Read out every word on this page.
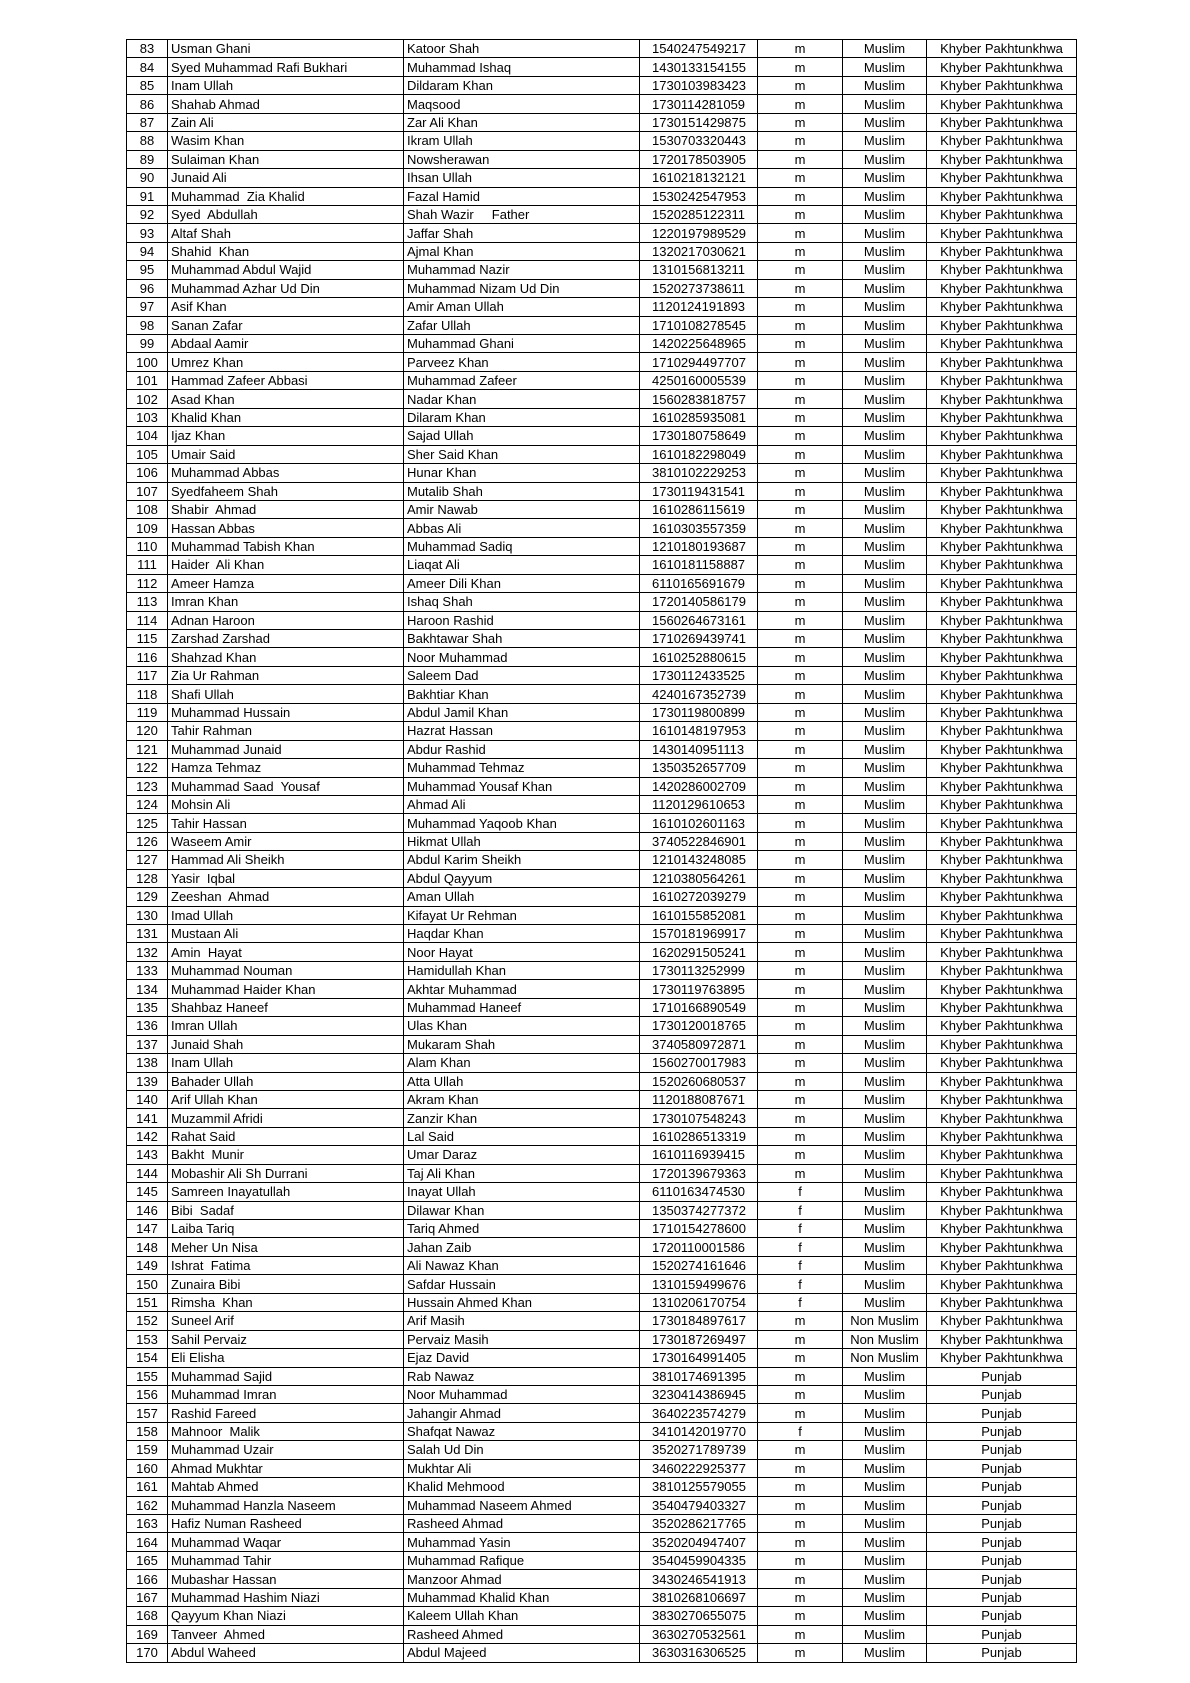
83	Usman Ghani	Katoor Shah	1540247549217	m	Muslim	Khyber Pakhtunkhwa
84	Syed Muhammad Rafi Bukhari	Muhammad Ishaq	1430133154155	m	Muslim	Khyber Pakhtunkhwa
85	Inam Ullah	Dildaram Khan	1730103983423	m	Muslim	Khyber Pakhtunkhwa
86	Shahab Ahmad	Maqsood	1730114281059	m	Muslim	Khyber Pakhtunkhwa
87	Zain Ali	Zar Ali Khan	1730151429875	m	Muslim	Khyber Pakhtunkhwa
88	Wasim Khan	Ikram Ullah	1530703320443	m	Muslim	Khyber Pakhtunkhwa
89	Sulaiman Khan	Nowsherawan	1720178503905	m	Muslim	Khyber Pakhtunkhwa
90	Junaid Ali	Ihsan Ullah	1610218132121	m	Muslim	Khyber Pakhtunkhwa
91	Muhammad  Zia Khalid	Fazal Hamid	1530242547953	m	Muslim	Khyber Pakhtunkhwa
92	Syed  Abdullah	Shah Wazir     Father	1520285122311	m	Muslim	Khyber Pakhtunkhwa
93	Altaf Shah	Jaffar Shah	1220197989529	m	Muslim	Khyber Pakhtunkhwa
94	Shahid  Khan	Ajmal Khan	1320217030621	m	Muslim	Khyber Pakhtunkhwa
95	Muhammad Abdul Wajid	Muhammad Nazir	1310156813211	m	Muslim	Khyber Pakhtunkhwa
96	Muhammad Azhar Ud Din	Muhammad Nizam Ud Din	1520273738611	m	Muslim	Khyber Pakhtunkhwa
97	Asif Khan	Amir Aman Ullah	1120124191893	m	Muslim	Khyber Pakhtunkhwa
98	Sanan Zafar	Zafar Ullah	1710108278545	m	Muslim	Khyber Pakhtunkhwa
99	Abdaal Aamir	Muhammad Ghani	1420225648965	m	Muslim	Khyber Pakhtunkhwa
100	Umrez Khan	Parveez Khan	1710294497707	m	Muslim	Khyber Pakhtunkhwa
101	Hammad Zafeer Abbasi	Muhammad Zafeer	4250160005539	m	Muslim	Khyber Pakhtunkhwa
102	Asad Khan	Nadar Khan	1560283818757	m	Muslim	Khyber Pakhtunkhwa
103	Khalid Khan	Dilaram Khan	1610285935081	m	Muslim	Khyber Pakhtunkhwa
104	Ijaz Khan	Sajad Ullah	1730180758649	m	Muslim	Khyber Pakhtunkhwa
105	Umair Said	Sher Said Khan	1610182298049	m	Muslim	Khyber Pakhtunkhwa
106	Muhammad Abbas	Hunar Khan	3810102229253	m	Muslim	Khyber Pakhtunkhwa
107	Syedfaheem Shah	Mutalib Shah	1730119431541	m	Muslim	Khyber Pakhtunkhwa
108	Shabir  Ahmad	Amir Nawab	1610286115619	m	Muslim	Khyber Pakhtunkhwa
109	Hassan Abbas	Abbas Ali	1610303557359	m	Muslim	Khyber Pakhtunkhwa
110	Muhammad Tabish Khan	Muhammad Sadiq	1210180193687	m	Muslim	Khyber Pakhtunkhwa
111	Haider  Ali Khan	Liaqat Ali	1610181158887	m	Muslim	Khyber Pakhtunkhwa
112	Ameer Hamza	Ameer Dili Khan	6110165691679	m	Muslim	Khyber Pakhtunkhwa
113	Imran Khan	Ishaq Shah	1720140586179	m	Muslim	Khyber Pakhtunkhwa
114	Adnan Haroon	Haroon Rashid	1560264673161	m	Muslim	Khyber Pakhtunkhwa
115	Zarshad Zarshad	Bakhtawar Shah	1710269439741	m	Muslim	Khyber Pakhtunkhwa
116	Shahzad Khan	Noor Muhammad	1610252880615	m	Muslim	Khyber Pakhtunkhwa
117	Zia Ur Rahman	Saleem Dad	1730112433525	m	Muslim	Khyber Pakhtunkhwa
118	Shafi Ullah	Bakhtiar Khan	4240167352739	m	Muslim	Khyber Pakhtunkhwa
119	Muhammad Hussain	Abdul Jamil Khan	1730119800899	m	Muslim	Khyber Pakhtunkhwa
120	Tahir Rahman	Hazrat Hassan	1610148197953	m	Muslim	Khyber Pakhtunkhwa
121	Muhammad Junaid	Abdur Rashid	1430140951113	m	Muslim	Khyber Pakhtunkhwa
122	Hamza Tehmaz	Muhammad Tehmaz	1350352657709	m	Muslim	Khyber Pakhtunkhwa
123	Muhammad Saad  Yousaf	Muhammad Yousaf Khan	1420286002709	m	Muslim	Khyber Pakhtunkhwa
124	Mohsin Ali	Ahmad Ali	1120129610653	m	Muslim	Khyber Pakhtunkhwa
125	Tahir Hassan	Muhammad Yaqoob Khan	1610102601163	m	Muslim	Khyber Pakhtunkhwa
126	Waseem Amir	Hikmat Ullah	3740522846901	m	Muslim	Khyber Pakhtunkhwa
127	Hammad Ali Sheikh	Abdul Karim Sheikh	1210143248085	m	Muslim	Khyber Pakhtunkhwa
128	Yasir  Iqbal	Abdul Qayyum	1210380564261	m	Muslim	Khyber Pakhtunkhwa
129	Zeeshan  Ahmad	Aman Ullah	1610272039279	m	Muslim	Khyber Pakhtunkhwa
130	Imad Ullah	Kifayat Ur Rehman	1610155852081	m	Muslim	Khyber Pakhtunkhwa
131	Mustaan Ali	Haqdar Khan	1570181969917	m	Muslim	Khyber Pakhtunkhwa
132	Amin  Hayat	Noor Hayat	1620291505241	m	Muslim	Khyber Pakhtunkhwa
133	Muhammad Nouman	Hamidullah Khan	1730113252999	m	Muslim	Khyber Pakhtunkhwa
134	Muhammad Haider Khan	Akhtar Muhammad	1730119763895	m	Muslim	Khyber Pakhtunkhwa
135	Shahbaz Haneef	Muhammad Haneef	1710166890549	m	Muslim	Khyber Pakhtunkhwa
136	Imran Ullah	Ulas Khan	1730120018765	m	Muslim	Khyber Pakhtunkhwa
137	Junaid Shah	Mukaram Shah	3740580972871	m	Muslim	Khyber Pakhtunkhwa
138	Inam Ullah	Alam Khan	1560270017983	m	Muslim	Khyber Pakhtunkhwa
139	Bahader Ullah	Atta Ullah	1520260680537	m	Muslim	Khyber Pakhtunkhwa
140	Arif Ullah Khan	Akram Khan	1120188087671	m	Muslim	Khyber Pakhtunkhwa
141	Muzammil Afridi	Zanzir Khan	1730107548243	m	Muslim	Khyber Pakhtunkhwa
142	Rahat Said	Lal Said	1610286513319	m	Muslim	Khyber Pakhtunkhwa
143	Bakht  Munir	Umar Daraz	1610116939415	m	Muslim	Khyber Pakhtunkhwa
144	Mobashir Ali Sh Durrani	Taj Ali Khan	1720139679363	m	Muslim	Khyber Pakhtunkhwa
145	Samreen Inayatullah	Inayat Ullah	6110163474530	f	Muslim	Khyber Pakhtunkhwa
146	Bibi  Sadaf	Dilawar Khan	1350374277372	f	Muslim	Khyber Pakhtunkhwa
147	Laiba Tariq	Tariq Ahmed	1710154278600	f	Muslim	Khyber Pakhtunkhwa
148	Meher Un Nisa	Jahan Zaib	1720110001586	f	Muslim	Khyber Pakhtunkhwa
149	Ishrat  Fatima	Ali Nawaz Khan	1520274161646	f	Muslim	Khyber Pakhtunkhwa
150	Zunaira Bibi	Safdar Hussain	1310159499676	f	Muslim	Khyber Pakhtunkhwa
151	Rimsha  Khan	Hussain Ahmed Khan	1310206170754	f	Muslim	Khyber Pakhtunkhwa
152	Suneel Arif	Arif Masih	1730184897617	m	Non Muslim	Khyber Pakhtunkhwa
153	Sahil Pervaiz	Pervaiz Masih	1730187269497	m	Non Muslim	Khyber Pakhtunkhwa
154	Eli Elisha	Ejaz David	1730164991405	m	Non Muslim	Khyber Pakhtunkhwa
155	Muhammad Sajid	Rab Nawaz	3810174691395	m	Muslim	Punjab
156	Muhammad Imran	Noor Muhammad	3230414386945	m	Muslim	Punjab
157	Rashid Fareed	Jahangir Ahmad	3640223574279	m	Muslim	Punjab
158	Mahnoor  Malik	Shafqat Nawaz	3410142019770	f	Muslim	Punjab
159	Muhammad Uzair	Salah Ud Din	3520271789739	m	Muslim	Punjab
160	Ahmad Mukhtar	Mukhtar Ali	3460222925377	m	Muslim	Punjab
161	Mahtab Ahmed	Khalid Mehmood	3810125579055	m	Muslim	Punjab
162	Muhammad Hanzla Naseem	Muhammad Naseem Ahmed	3540479403327	m	Muslim	Punjab
163	Hafiz Numan Rasheed	Rasheed Ahmad	3520286217765	m	Muslim	Punjab
164	Muhammad Waqar	Muhammad Yasin	3520204947407	m	Muslim	Punjab
165	Muhammad Tahir	Muhammad Rafique	3540459904335	m	Muslim	Punjab
166	Mubashar Hassan	Manzoor Ahmad	3430246541913	m	Muslim	Punjab
167	Muhammad Hashim Niazi	Muhammad Khalid Khan	3810268106697	m	Muslim	Punjab
168	Qayyum Khan Niazi	Kaleem Ullah Khan	3830270655075	m	Muslim	Punjab
169	Tanveer  Ahmed	Rasheed Ahmed	3630270532561	m	Muslim	Punjab
170	Abdul Waheed	Abdul Majeed	3630316306525	m	Muslim	Punjab
